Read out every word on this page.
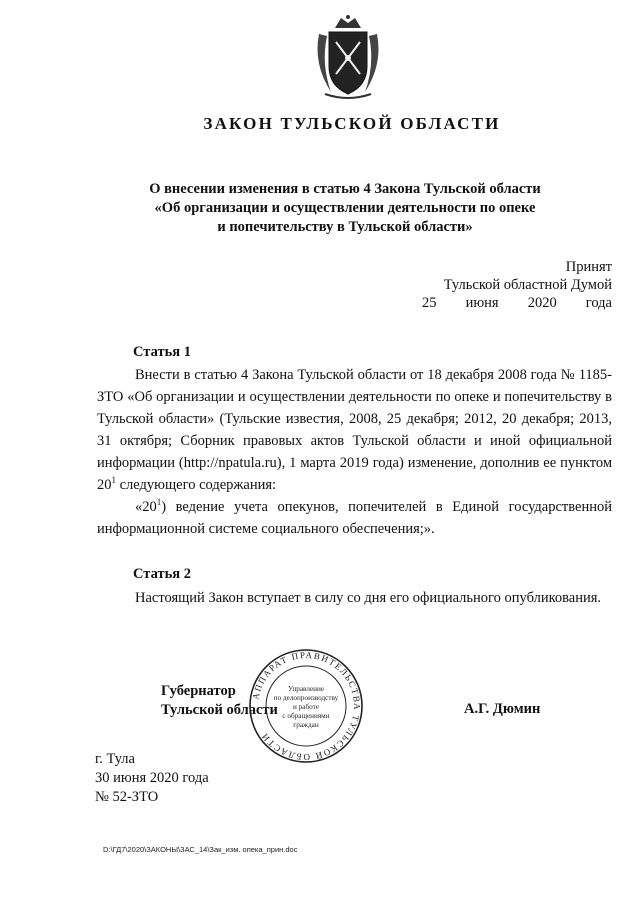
ЗАКОН ТУЛЬСКОЙ ОБЛАСТИ
О внесении изменения в статью 4 Закона Тульской области
«Об организации и осуществлении деятельности по опеке
и попечительству в Тульской области»
Принят
Тульской областной Думой
25 июня 2020 года
Статья 1
Внести в статью 4 Закона Тульской области от 18 декабря 2008 года № 1185-ЗТО «Об организации и осуществлении деятельности по опеке и попечительству в Тульской области» (Тульские известия, 2008, 25 декабря; 2012, 20 декабря; 2013, 31 октября; Сборник правовых актов Тульской области и иной официальной информации (http://npatula.ru), 1 марта 2019 года) изменение, дополнив ее пунктом $20^1$ следующего содержания:
«$20^1$) ведение учета опекунов, попечителей в Единой государственной информационной системе социального обеспечения;».
Статья 2
Настоящий Закон вступает в силу со дня его официального опубликования.
Губернатор
Тульской области	А.Г. Дюмин
АППАРАТ ПРАВИТЕЛЬСТВА ТУЛЬСКОЙ ОБЛАСТИ
Управление
по делопроизводству
и работе
с обращениями
граждан
г. Тула
30 июня 2020 года
№ 52-ЗТО
D:\ГД7\2020\ЗАКОНЫ\ЗАС_14\Зак_изм. опека_прин.doc
